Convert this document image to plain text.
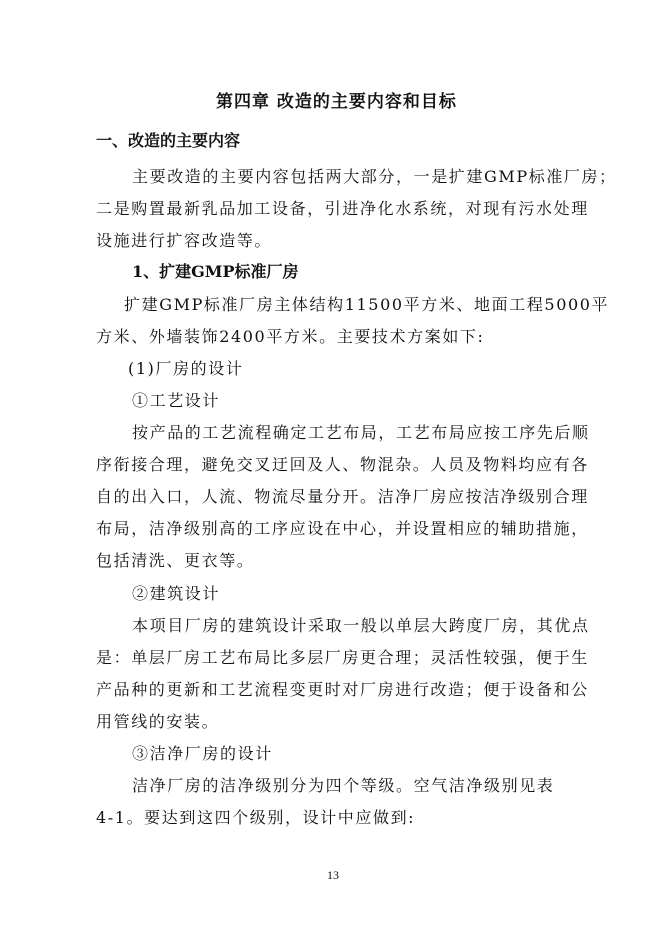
第四章 改造的主要内容和目标
一、改造的主要内容
主要改造的主要内容包括两大部分，一是扩建GMP标准厂房；
二是购置最新乳品加工设备，引进净化水系统，对现有污水处理
设施进行扩容改造等。
1、扩建GMP标准厂房
扩建GMP标准厂房主体结构11500平方米、地面工程5000平
方米、外墙装饰2400平方米。主要技术方案如下:
(1)厂房的设计
①工艺设计
按产品的工艺流程确定工艺布局，工艺布局应按工序先后顺
序衔接合理，避免交叉迂回及人、物混杂。人员及物料均应有各
自的出入口，人流、物流尽量分开。洁净厂房应按洁净级别合理
布局，洁净级别高的工序应设在中心，并设置相应的辅助措施，
包括清洗、更衣等。
②建筑设计
本项目厂房的建筑设计采取一般以单层大跨度厂房，其优点
是：单层厂房工艺布局比多层厂房更合理；灵活性较强，便于生
产品种的更新和工艺流程变更时对厂房进行改造；便于设备和公
用管线的安装。
③洁净厂房的设计
洁净厂房的洁净级别分为四个等级。空气洁净级别见表
4-1。要达到这四个级别，设计中应做到:
13
